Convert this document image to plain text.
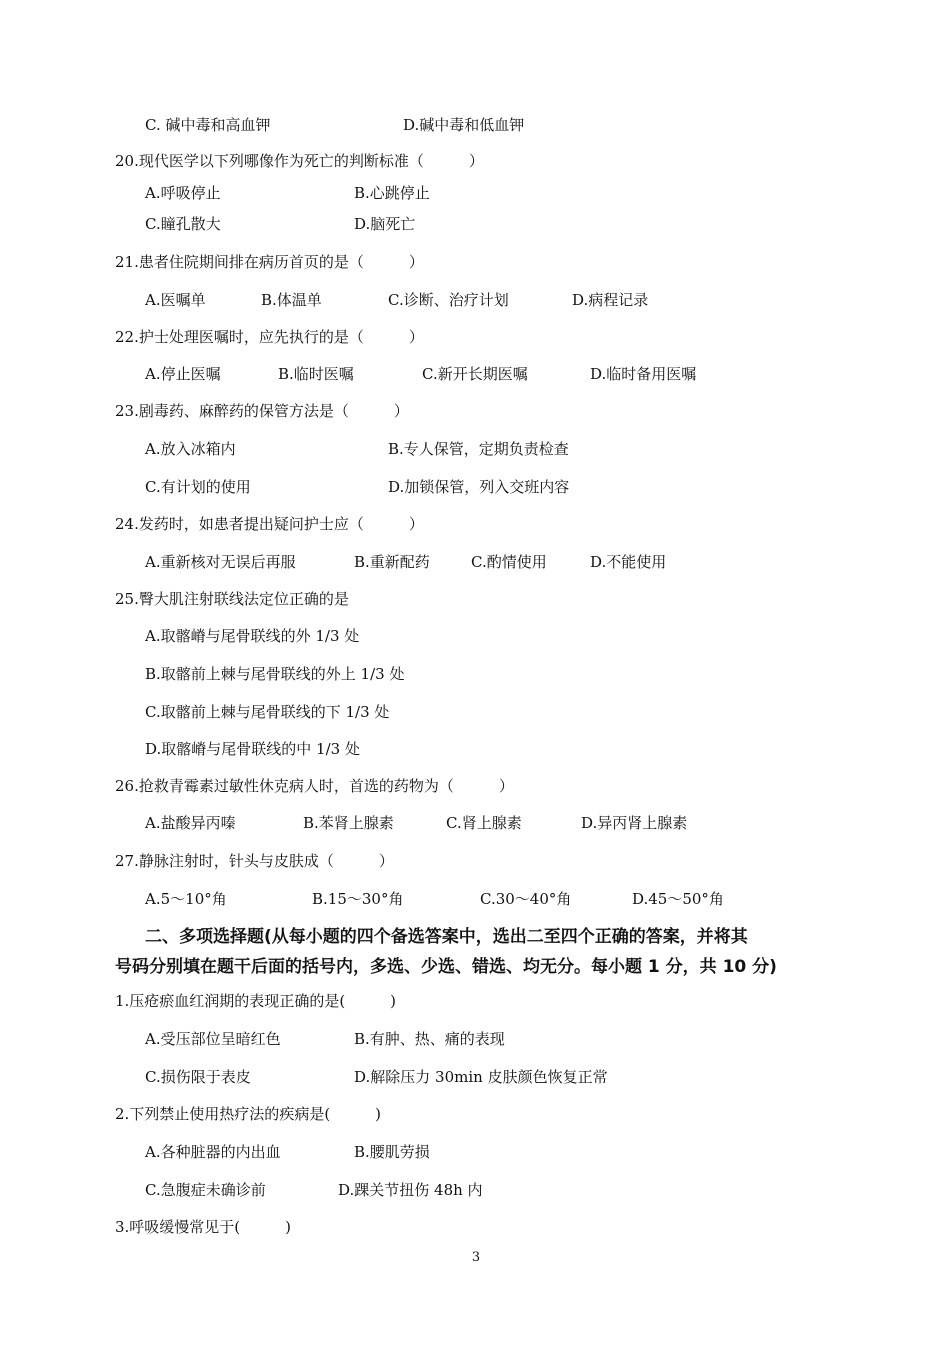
C. 碱中毒和高血钾	D.碱中毒和低血钾
20.现代医学以下列哪像作为死亡的判断标准（　　　）
A.呼吸停止	B.心跳停止
C.瞳孔散大	D.脑死亡
21.患者住院期间排在病历首页的是（　　　）
A.医嘱单	B.体温单	C.诊断、治疗计划	D.病程记录
22.护士处理医嘱时，应先执行的是（　　　）
A.停止医嘱	B.临时医嘱	C.新开长期医嘱	D.临时备用医嘱
23.剧毒药、麻醉药的保管方法是（　　　）
A.放入冰箱内	B.专人保管，定期负责检查
C.有计划的使用	D.加锁保管，列入交班内容
24.发药时，如患者提出疑问护士应（　　　）
A.重新核对无误后再服	B.重新配药	C.酌情使用	D.不能使用
25.臀大肌注射联线法定位正确的是
A.取髂嵴与尾骨联线的外 1/3 处
B.取髂前上棘与尾骨联线的外上 1/3 处
C.取髂前上棘与尾骨联线的下 1/3 处
D.取髂嵴与尾骨联线的中 1/3 处
26.抢救青霉素过敏性休克病人时，首选的药物为（　　　）
A.盐酸异丙嗪	B.苯肾上腺素	C.肾上腺素	D.异丙肾上腺素
27.静脉注射时，针头与皮肤成（　　　）
A.5～10°角	B.15～30°角	C.30～40°角	D.45～50°角
二、多项选择题(从每小题的四个备选答案中，选出二至四个正确的答案，并将其
号码分别填在题干后面的括号内，多选、少选、错选、均无分。每小题 1 分，共 10 分)
1.压疮瘀血红润期的表现正确的是(　　　)
A.受压部位呈暗红色	B.有肿、热、痛的表现
C.损伤限于表皮	D.解除压力 30min 皮肤颜色恢复正常
2.下列禁止使用热疗法的疾病是(　　　)
A.各种脏器的内出血	B.腰肌劳损
C.急腹症未确诊前	D.踝关节扭伤 48h 内
3.呼吸缓慢常见于(　　　)
3
